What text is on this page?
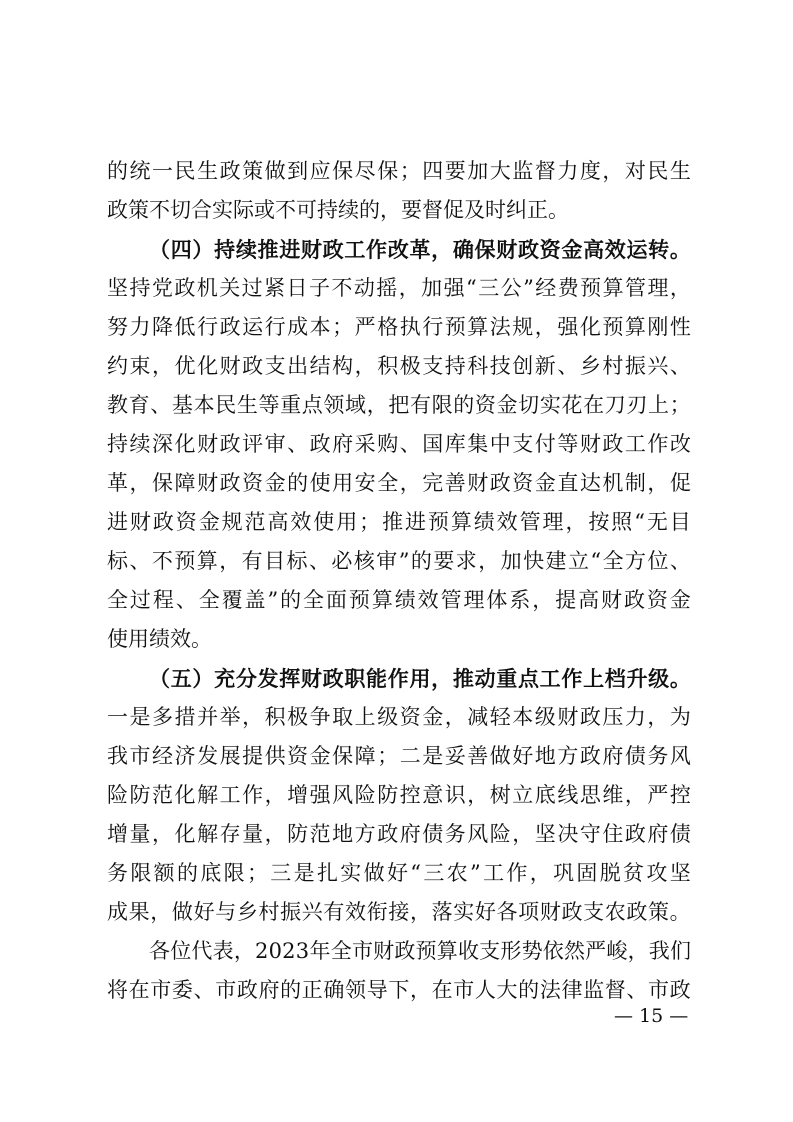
的 统 一 民 生 政 策 做 到 应 保 尽 保 ； 四 要 加 大 监 督 力 度 ， 对 民 生
政策不切合实际或不可持续的，要督促及时纠正。
（ 四 ） 持 续 推 进 财 政 工 作 改 革 ， 确 保 财 政 资 金 高 效 运 转 。
坚 持 党 政 机 关 过 紧 日 子 不 动 摇 ， 加 强 “ 三 公 ” 经 费 预 算 管 理 ，
努 力 降 低 行 政 运 行 成 本 ； 严 格 执 行 预 算 法 规 ， 强 化 预 算 刚 性
约 束 ， 优 化 财 政 支 出 结 构 ， 积 极 支 持 科 技 创 新 、 乡 村 振 兴 、
教 育 、 基 本 民 生 等 重 点 领 域 ， 把 有 限 的 资 金 切 实 花 在 刀 刃 上 ；
持 续 深 化 财 政 评 审 、 政 府 采 购 、 国 库 集 中 支 付 等 财 政 工 作 改
革 ， 保 障 财 政 资 金 的 使 用 安 全 ， 完 善 财 政 资 金 直 达 机 制 ， 促
进 财 政 资 金 规 范 高 效 使 用 ； 推 进 预 算 绩 效 管 理 ， 按 照 “ 无 目
标 、 不 预 算 ， 有 目 标 、 必 核 审 ” 的 要 求 ， 加 快 建 立 “ 全 方 位 、
全 过 程 、 全 覆 盖 ” 的 全 面 预 算 绩 效 管 理 体 系 ， 提 高 财 政 资 金
使用绩效。
（ 五 ） 充 分 发 挥 财 政 职 能 作 用 ， 推 动 重 点 工 作 上 档 升 级 。
一 是 多 措 并 举 ， 积 极 争 取 上 级 资 金 ， 减 轻 本 级 财 政 压 力 ， 为
我 市 经 济 发 展 提 供 资 金 保 障 ； 二 是 妥 善 做 好 地 方 政 府 债 务 风
险 防 范 化 解 工 作 ， 增 强 风 险 防 控 意 识 ， 树 立 底 线 思 维 ， 严 控
增 量 ， 化 解 存 量 ， 防 范 地 方 政 府 债 务 风 险 ， 坚 决 守 住 政 府 债
务 限 额 的 底 限 ； 三 是 扎 实 做 好 “ 三 农 ” 工 作 ， 巩 固 脱 贫 攻 坚
成 果 ， 做 好 与 乡 村 振 兴 有 效 衔 接 ， 落 实 好 各 项 财 政 支 农 政 策 。
各 位 代 表 ， 2 0 2 3 年 全 市 财 政 预 算 收 支 形 势 依 然 严 峻 ， 我 们
将 在 市 委 、 市 政 府 的 正 确 领 导 下 ， 在 市 人 大 的 法 律 监 督 、 市 政
— 15 —
